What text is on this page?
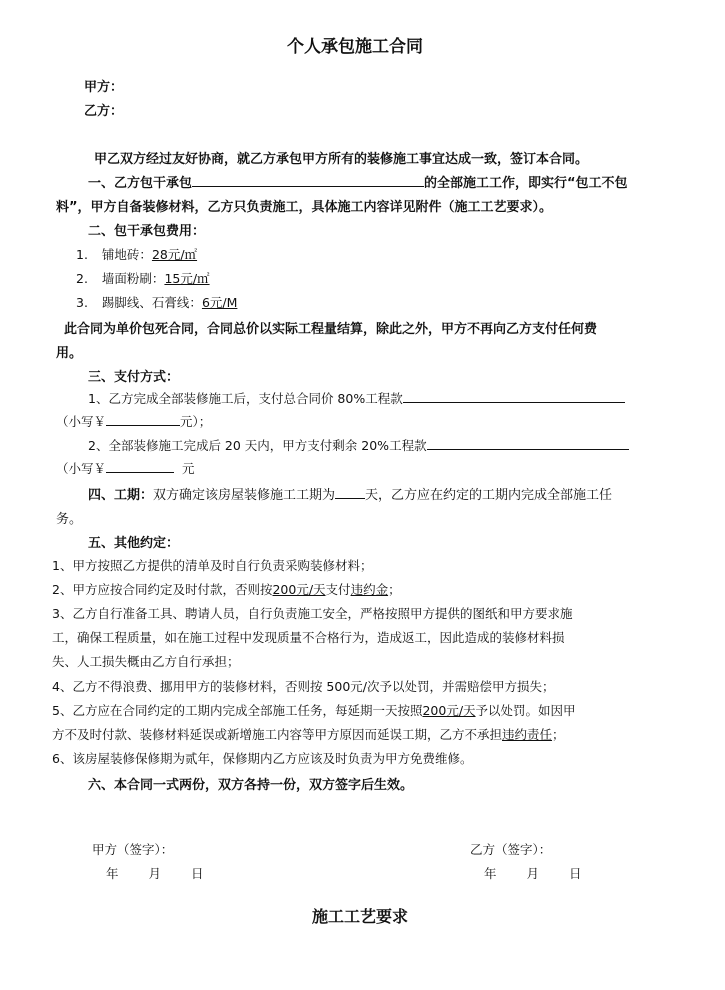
个人承包施工合同
甲方：
乙方：
甲乙双方经过友好协商，就乙方承包甲方所有的装修施工事宜达成一致，签订本合同。
一、乙方包干承包	的全部施工工作，即实行“包工不包
料”，甲方自备装修材料，乙方只负责施工，具体施工内容详见附件（施工工艺要求）。
二、包干承包费用：
1. 铺地砖：28元/㎡
2. 墙面粉刷：15元/㎡
3. 踢脚线、石膏线：6元/M
此合同为单价包死合同，合同总价以实际工程量结算，除此之外，甲方不再向乙方支付任何费
用。
三、支付方式：
1、乙方完成全部装修施工后，支付总合同价 80%工程款
（小写￥	元）；
2、全部装修施工完成后 20 天内，甲方支付剩余 20%工程款
（小写￥	元
四、工期：双方确定该房屋装修施工工期为 天，乙方应在约定的工期内完成全部施工任
务。
五、其他约定：
1、甲方按照乙方提供的清单及时自行负责采购装修材料；
2、甲方应按合同约定及时付款，否则按200元/天支付违约金；
3、乙方自行准备工具、聘请人员，自行负责施工安全，严格按照甲方提供的图纸和甲方要求施
工，确保工程质量，如在施工过程中发现质量不合格行为，造成返工，因此造成的装修材料损
失、人工损失概由乙方自行承担；
4、乙方不得浪费、挪用甲方的装修材料，否则按 500元/次予以处罚，并需赔偿甲方损失；
5、乙方应在合同约定的工期内完成全部施工任务，每延期一天按照200元/天予以处罚。如因甲
方不及时付款、装修材料延误或新增施工内容等甲方原因而延误工期，乙方不承担违约责任；
6、该房屋装修保修期为贰年，保修期内乙方应该及时负责为甲方免费维修。
六、本合同一式两份，双方各持一份，双方签字后生效。
甲方（签字）：	乙方（签字）：
年 月 日	年 月 日
施工工艺要求
